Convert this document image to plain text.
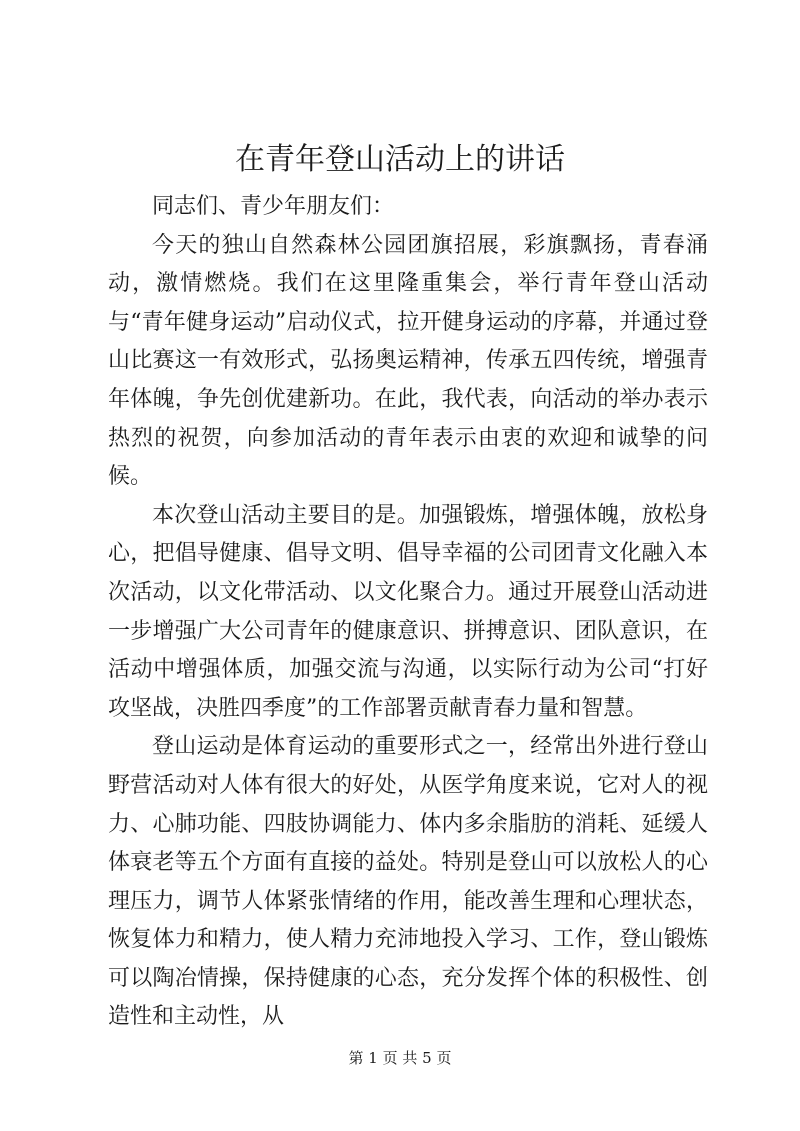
在青年登山活动上的讲话

同志们、青少年朋友们：

今天的独山自然森林公园团旗招展，彩旗飘扬，青春涌动，激情燃烧。我们在这里隆重集会，举行青年登山活动与“青年健身运动”启动仪式，拉开健身运动的序幕，并通过登山比赛这一有效形式，弘扬奥运精神，传承五四传统，增强青年体魄，争先创优建新功。在此，我代表，向活动的举办表示热烈的祝贺，向参加活动的青年表示由衷的欢迎和诚挚的问候。

本次登山活动主要目的是。加强锻炼，增强体魄，放松身心，把倡导健康、倡导文明、倡导幸福的公司团青文化融入本次活动，以文化带活动、以文化聚合力。通过开展登山活动进一步增强广大公司青年的健康意识、拼搏意识、团队意识，在活动中增强体质，加强交流与沟通，以实际行动为公司“打好攻坚战，决胜四季度”的工作部署贡献青春力量和智慧。

登山运动是体育运动的重要形式之一，经常出外进行登山野营活动对人体有很大的好处，从医学角度来说，它对人的视力、心肺功能、四肢协调能力、体内多余脂肪的消耗、延缓人体衰老等五个方面有直接的益处。特别是登山可以放松人的心理压力，调节人体紧张情绪的作用，能改善生理和心理状态，恢复体力和精力，使人精力充沛地投入学习、工作，登山锻炼可以陶冶情操，保持健康的心态，充分发挥个体的积极性、创造性和主动性，从

第 1 页 共 5 页
